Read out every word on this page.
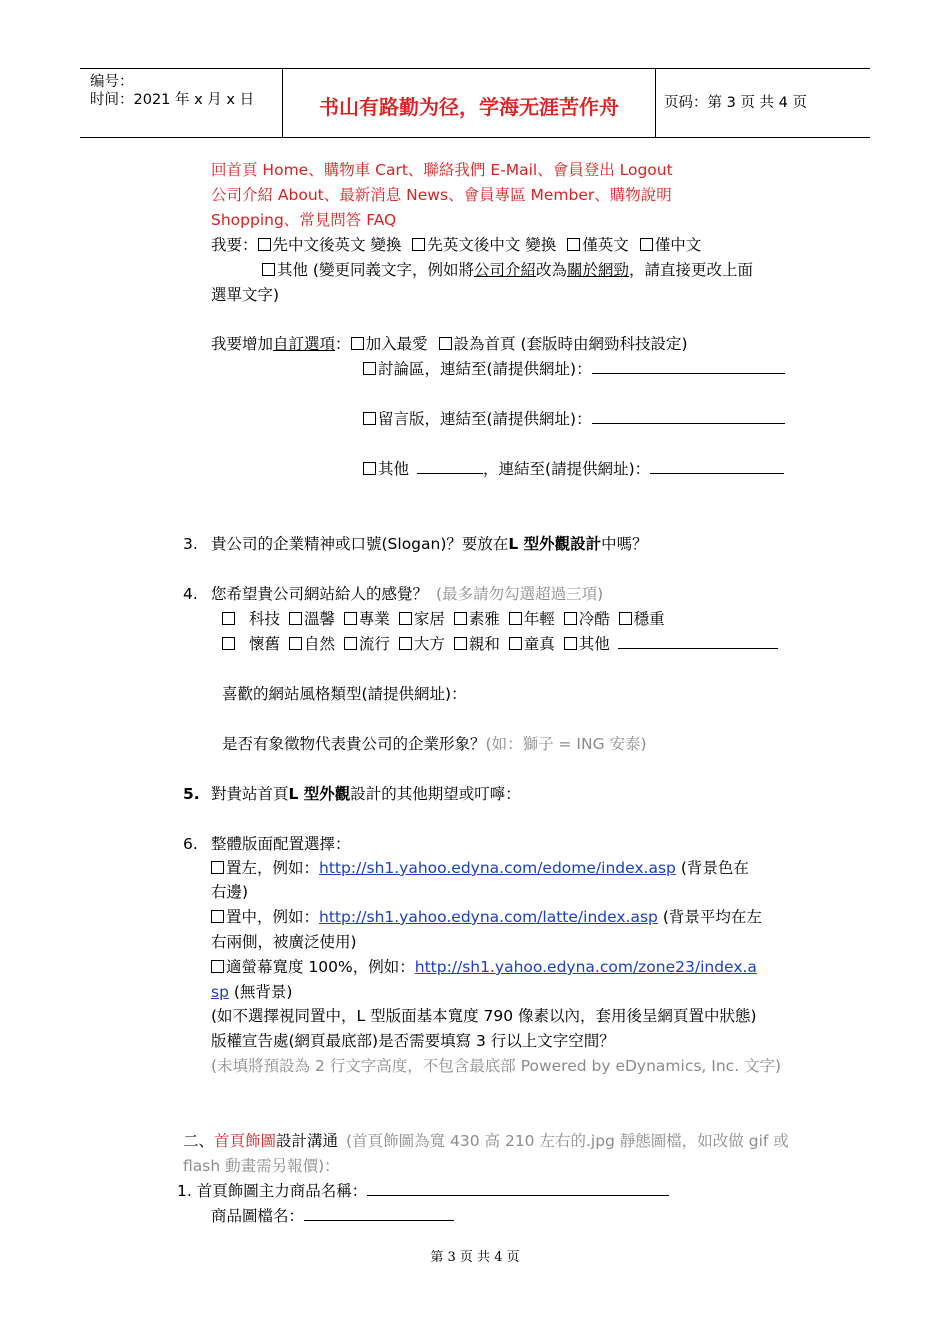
编号：
时间：2021 年 x 月 x 日	书山有路勤为径，学海无涯苦作舟	页码：第 3 页 共 4 页
回首頁 Home、購物車 Cart、聯絡我們 E-Mail、會員登出 Logout
公司介紹 About、最新消息 News、會員專區 Member、購物說明
Shopping、常見問答 FAQ
我要： 先中文後英文 變換 先英文後中文 變換 僅英文 僅中文
其他 (變更同義文字，例如將公司介紹改為關於網勁，請直接更改上面
選單文字)
我要增加自訂選項： 加入最愛 設為首頁 (套版時由網勁科技設定)
討論區，連結至(請提供網址)：
留言版，連結至(請提供網址)：
其他	，連結至(請提供網址)：
3. 貴公司的企業精神或口號(Slogan)？要放在L 型外觀設計中嗎？
4. 您希望貴公司網站給人的感覺？ (最多請勿勾選超過三項)
科技 溫馨 專業 家居 素雅 年輕 冷酷 穩重
懷舊 自然 流行 大方 親和 童真 其他
喜歡的網站風格類型(請提供網址)：
是否有象徵物代表貴公司的企業形象？(如：獅子 = ING 安泰)
5. 對貴站首頁L 型外觀設計的其他期望或叮嚀：
6. 整體版面配置選擇：
置左，例如：http://sh1.yahoo.edyna.com/edome/index.asp (背景色在
右邊)
置中，例如：http://sh1.yahoo.edyna.com/latte/index.asp (背景平均在左
右兩側，被廣泛使用)
適螢幕寬度 100%，例如：http://sh1.yahoo.edyna.com/zone23/index.a
sp (無背景)
(如不選擇視同置中，L 型版面基本寬度 790 像素以內，套用後呈網頁置中狀態)
版權宣告處(網頁最底部)是否需要填寫 3 行以上文字空間？
(未填將預設為 2 行文字高度，不包含最底部 Powered by eDynamics, Inc. 文字)
二、首頁飾圖設計溝通 (首頁飾圖為寬 430 高 210 左右的.jpg 靜態圖檔，如改做 gif 或
flash 動畫需另報價)：
1. 首頁飾圖主力商品名稱：
商品圖檔名：
第 3 页 共 4 页
